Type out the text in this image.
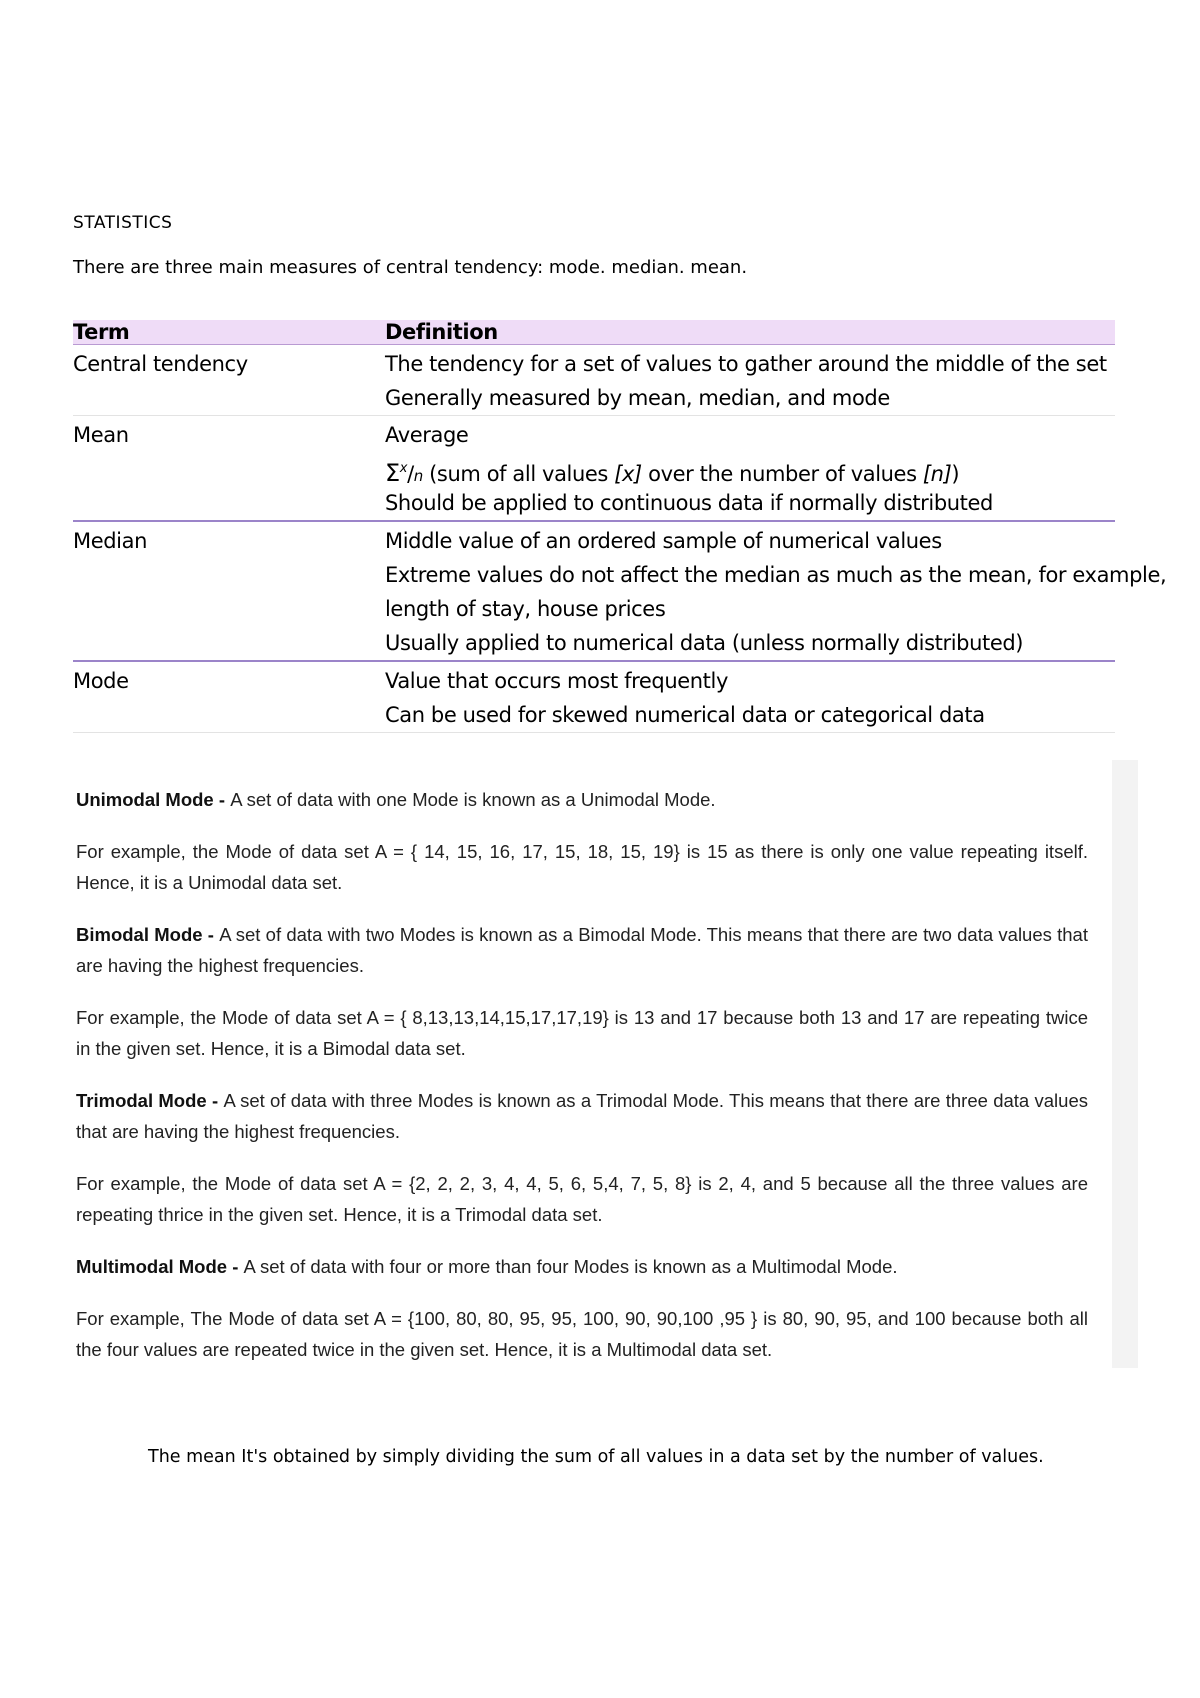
STATISTICS
There are three main measures of central tendency: mode. median. mean.
Term	Definition
Central tendency	The tendency for a set of values to gather around the middle of the set
Generally measured by mean, median, and mode
Mean	Average
$\Sigma^x/n$ (sum of all values [x] over the number of values [n])
Should be applied to continuous data if normally distributed
Median	Middle value of an ordered sample of numerical values
Extreme values do not affect the median as much as the mean, for example,
length of stay, house prices
Usually applied to numerical data (unless normally distributed)
Mode	Value that occurs most frequently
Can be used for skewed numerical data or categorical data

Unimodal Mode - A set of data with one Mode is known as a Unimodal Mode.

For example, the Mode of data set A = { 14, 15, 16, 17, 15, 18, 15, 19} is 15 as there is only one value repeating itself. Hence, it is a Unimodal data set.

Bimodal Mode - A set of data with two Modes is known as a Bimodal Mode. This means that there are two data values that are having the highest frequencies.

For example, the Mode of data set A = { 8,13,13,14,15,17,17,19} is 13 and 17 because both 13 and 17 are repeating twice in the given set. Hence, it is a Bimodal data set.

Trimodal Mode - A set of data with three Modes is known as a Trimodal Mode. This means that there are three data values that are having the highest frequencies.

For example, the Mode of data set A = {2, 2, 2, 3, 4, 4, 5, 6, 5,4, 7, 5, 8} is 2, 4, and 5 because all the three values are repeating thrice in the given set. Hence, it is a Trimodal data set.

Multimodal Mode - A set of data with four or more than four Modes is known as a Multimodal Mode.

For example, The Mode of data set A = {100, 80, 80, 95, 95, 100, 90, 90,100 ,95 } is 80, 90, 95, and 100 because both all the four values are repeated twice in the given set. Hence, it is a Multimodal data set.

The mean It's obtained by simply dividing the sum of all values in a data set by the number of values.
